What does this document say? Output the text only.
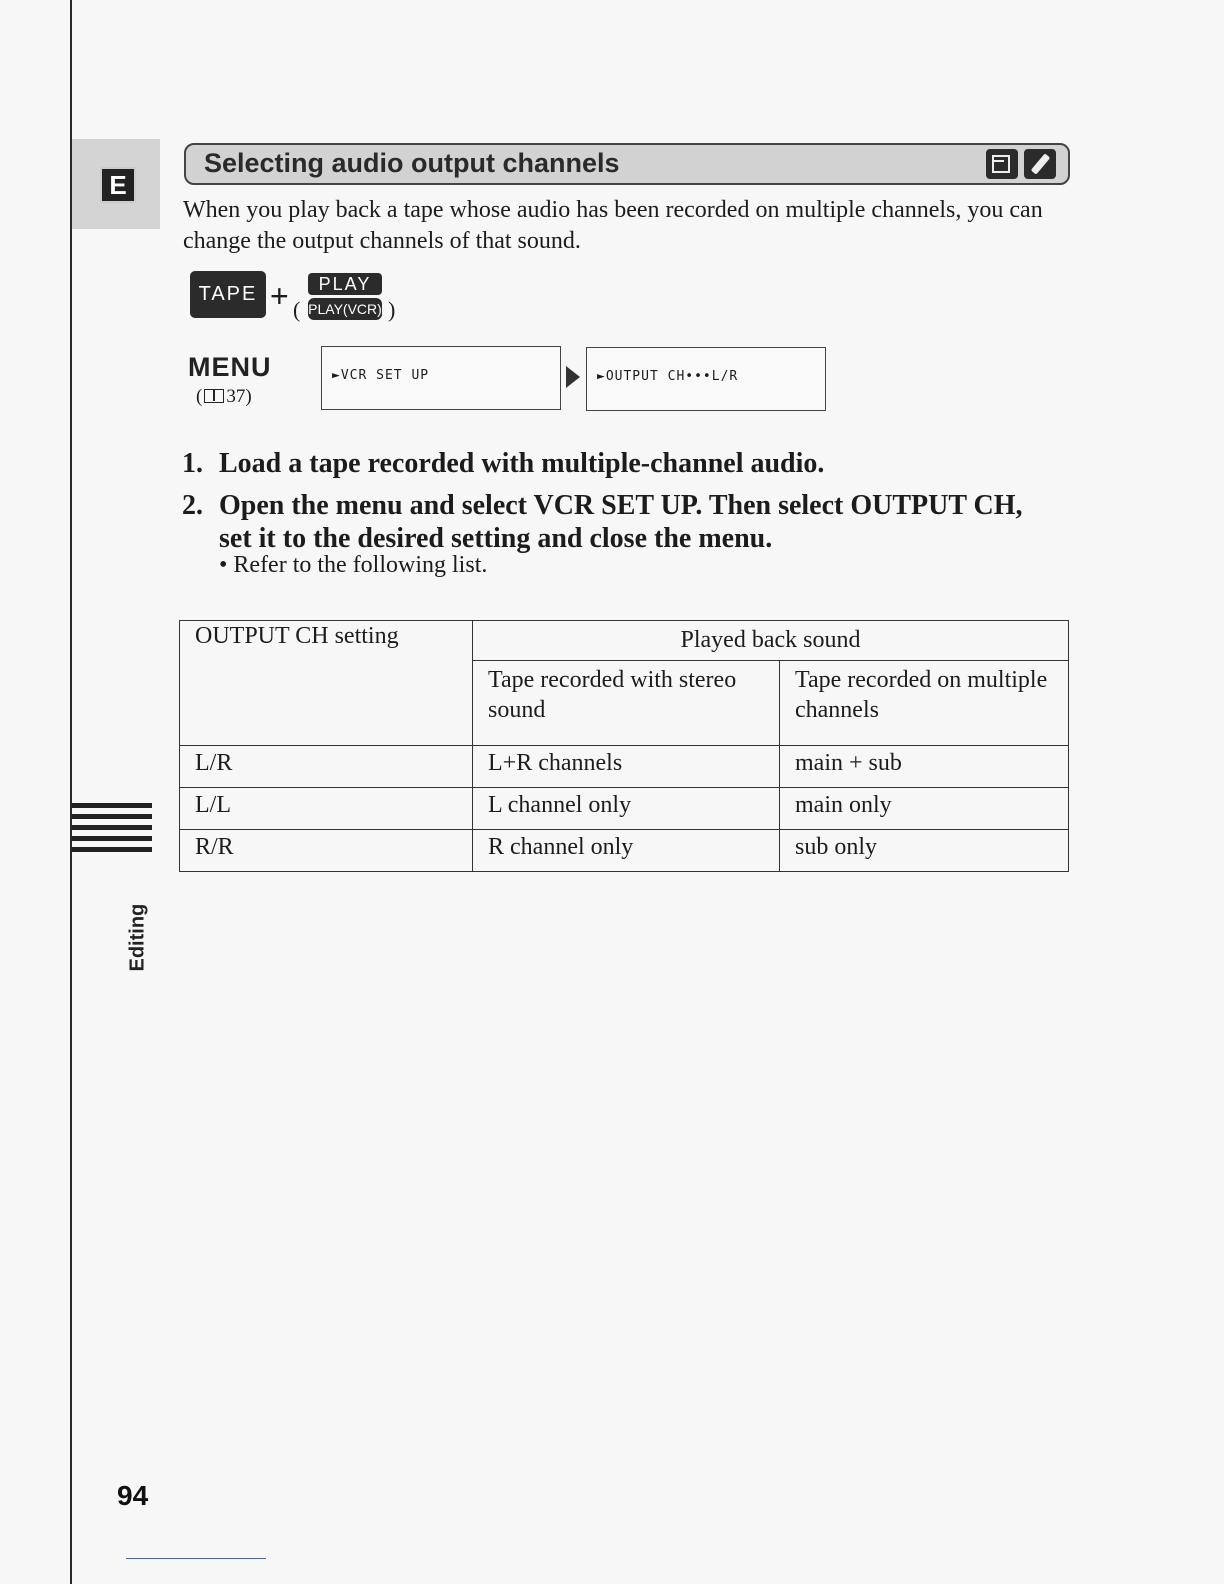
E
Editing
94
Selecting audio output channels
When you play back a tape whose audio has been recorded on multiple channels, you can change the output channels of that sound.
TAPE + (
PLAY
PLAY(VCR) )
MENU
( 37)
►VCR SET UP	►OUTPUT CH•••L/R
1. Load a tape recorded with multiple-channel audio.
2. Open the menu and select VCR SET UP. Then select OUTPUT CH,
set it to the desired setting and close the menu.
• Refer to the following list.
OUTPUT CH setting	Played back sound	
	Tape recorded with stereo sound	Tape recorded on multiple channels
L/R	L+R channels	main + sub
L/L	L channel only	main only
R/R	R channel only	sub only
